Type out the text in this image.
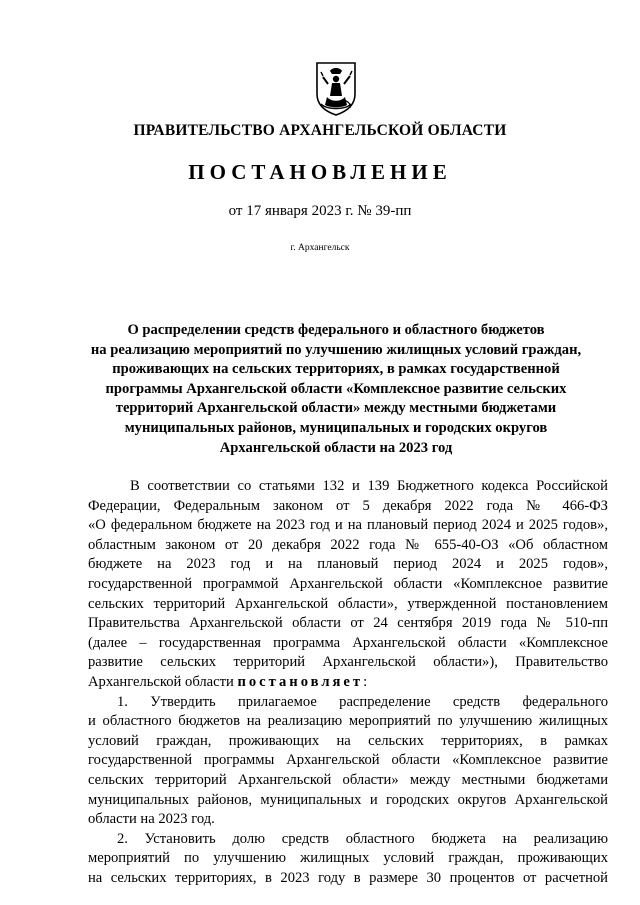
ПРАВИТЕЛЬСТВО АРХАНГЕЛЬСКОЙ ОБЛАСТИ
ПОСТАНОВЛЕНИЕ
от 17 января 2023 г. № 39-пп
г. Архангельск
О распределении средств федерального и областного бюджетов
на реализацию мероприятий по улучшению жилищных условий граждан,
проживающих на сельских территориях, в рамках государственной
программы Архангельской области «Комплексное развитие сельских
территорий Архангельской области» между местными бюджетами
муниципальных районов, муниципальных и городских округов
Архангельской области на 2023 год
В соответствии со статьями 132 и 139 Бюджетного кодекса Российской
Федерации, Федеральным законом от 5 декабря 2022 года № 466-ФЗ
«О федеральном бюджете на 2023 год и на плановый период 2024 и 2025 годов»,
областным законом от 20 декабря 2022 года № 655-40-ОЗ «Об областном
бюджете на 2023 год и на плановый период 2024 и 2025 годов»,
государственной программой Архангельской области «Комплексное развитие
сельских территорий Архангельской области», утвержденной постановлением
Правительства Архангельской области от 24 сентября 2019 года № 510-пп
(далее – государственная программа Архангельской области «Комплексное
развитие сельских территорий Архангельской области»), Правительство
Архангельской области постановляет:
1. Утвердить прилагаемое распределение средств федерального
и областного бюджетов на реализацию мероприятий по улучшению жилищных
условий граждан, проживающих на сельских территориях, в рамках
государственной программы Архангельской области «Комплексное развитие
сельских территорий Архангельской области» между местными бюджетами
муниципальных районов, муниципальных и городских округов Архангельской
области на 2023 год.
2. Установить долю средств областного бюджета на реализацию
мероприятий по улучшению жилищных условий граждан, проживающих
на сельских территориях, в 2023 году в размере 30 процентов от расчетной
